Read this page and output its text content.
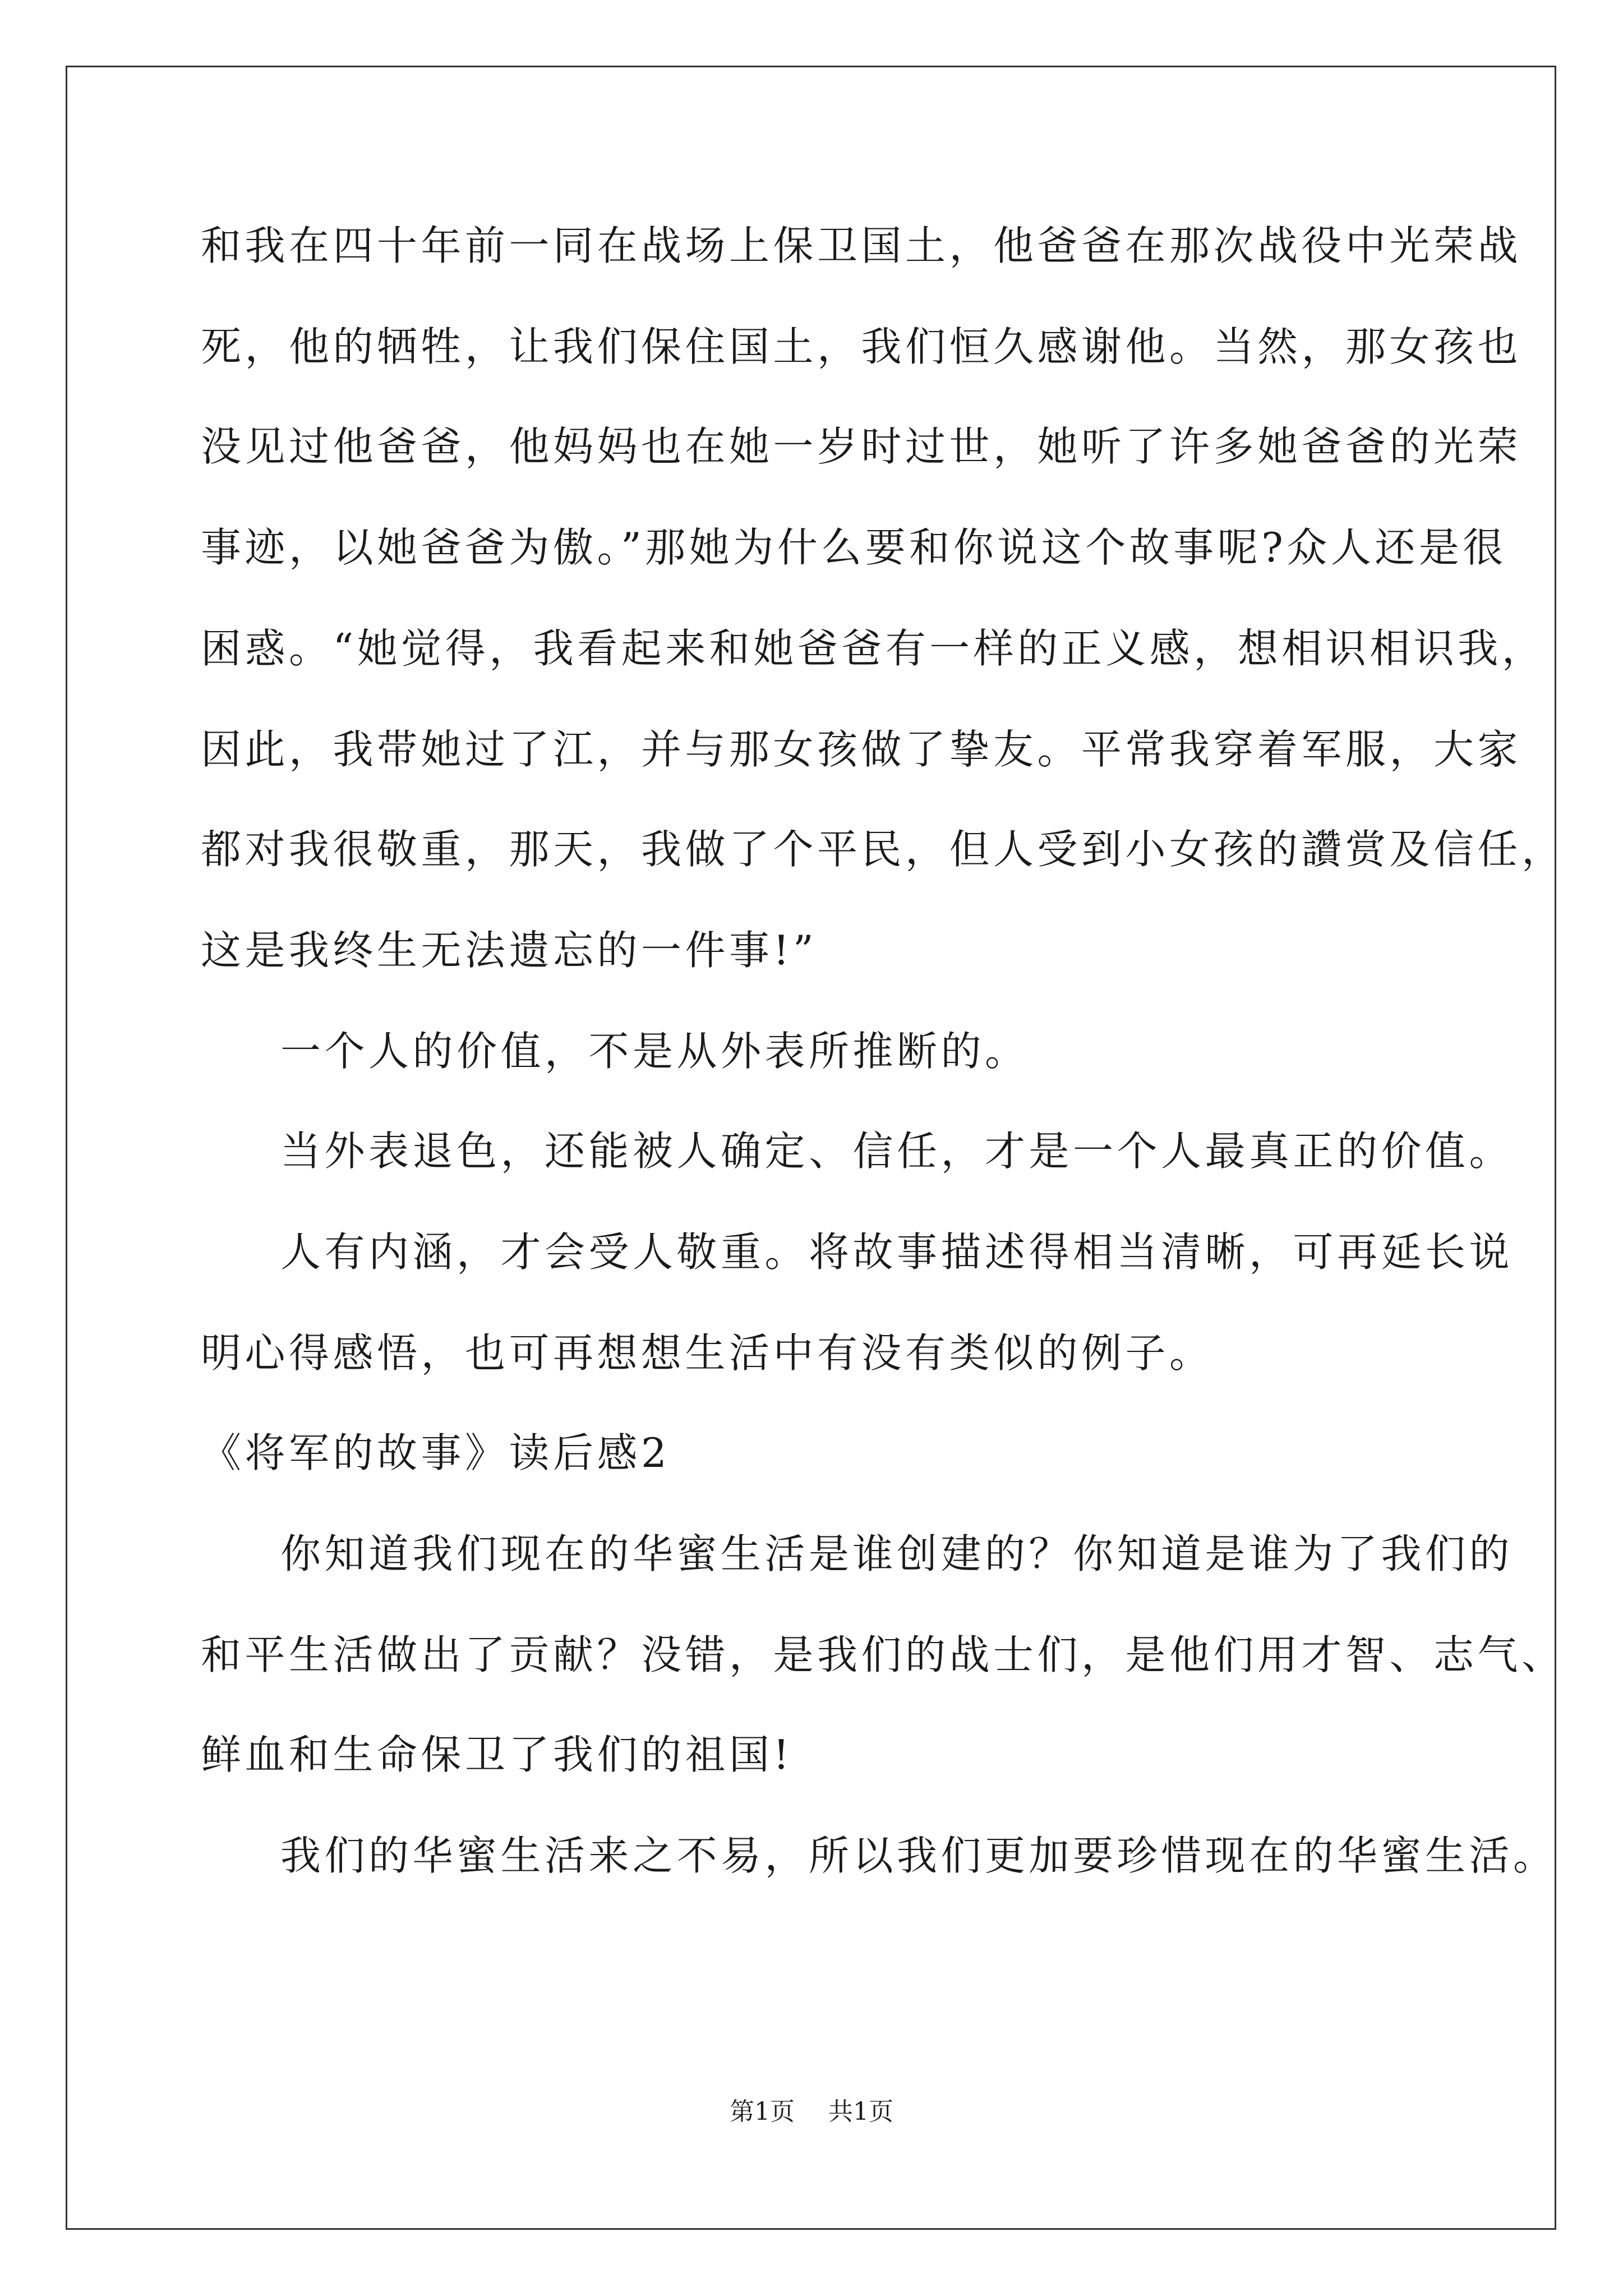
和我在四十年前一同在战场上保卫国土，他爸爸在那次战役中光荣战
死，他的牺牲，让我们保住国土，我们恒久感谢他。当然，那女孩也
没见过他爸爸，他妈妈也在她一岁时过世，她听了许多她爸爸的光荣
事迹，以她爸爸为傲。”那她为什么要和你说这个故事呢?众人还是很
困惑。“她觉得，我看起来和她爸爸有一样的正义感，想相识相识我，
因此，我带她过了江，并与那女孩做了挚友。平常我穿着军服，大家
都对我很敬重，那天，我做了个平民，但人受到小女孩的讚赏及信任，
这是我终生无法遗忘的一件事!”
一个人的价值，不是从外表所推断的。
当外表退色，还能被人确定、信任，才是一个人最真正的价值。
人有内涵，才会受人敬重。将故事描述得相当清晰，可再延长说
明心得感悟，也可再想想生活中有没有类似的例子。
《将军的故事》读后感2
你知道我们现在的华蜜生活是谁创建的？你知道是谁为了我们的
和平生活做出了贡献？没错，是我们的战士们，是他们用才智、志气、
鲜血和生命保卫了我们的祖国!
我们的华蜜生活来之不易，所以我们更加要珍惜现在的华蜜生活。
第1页 共1页
